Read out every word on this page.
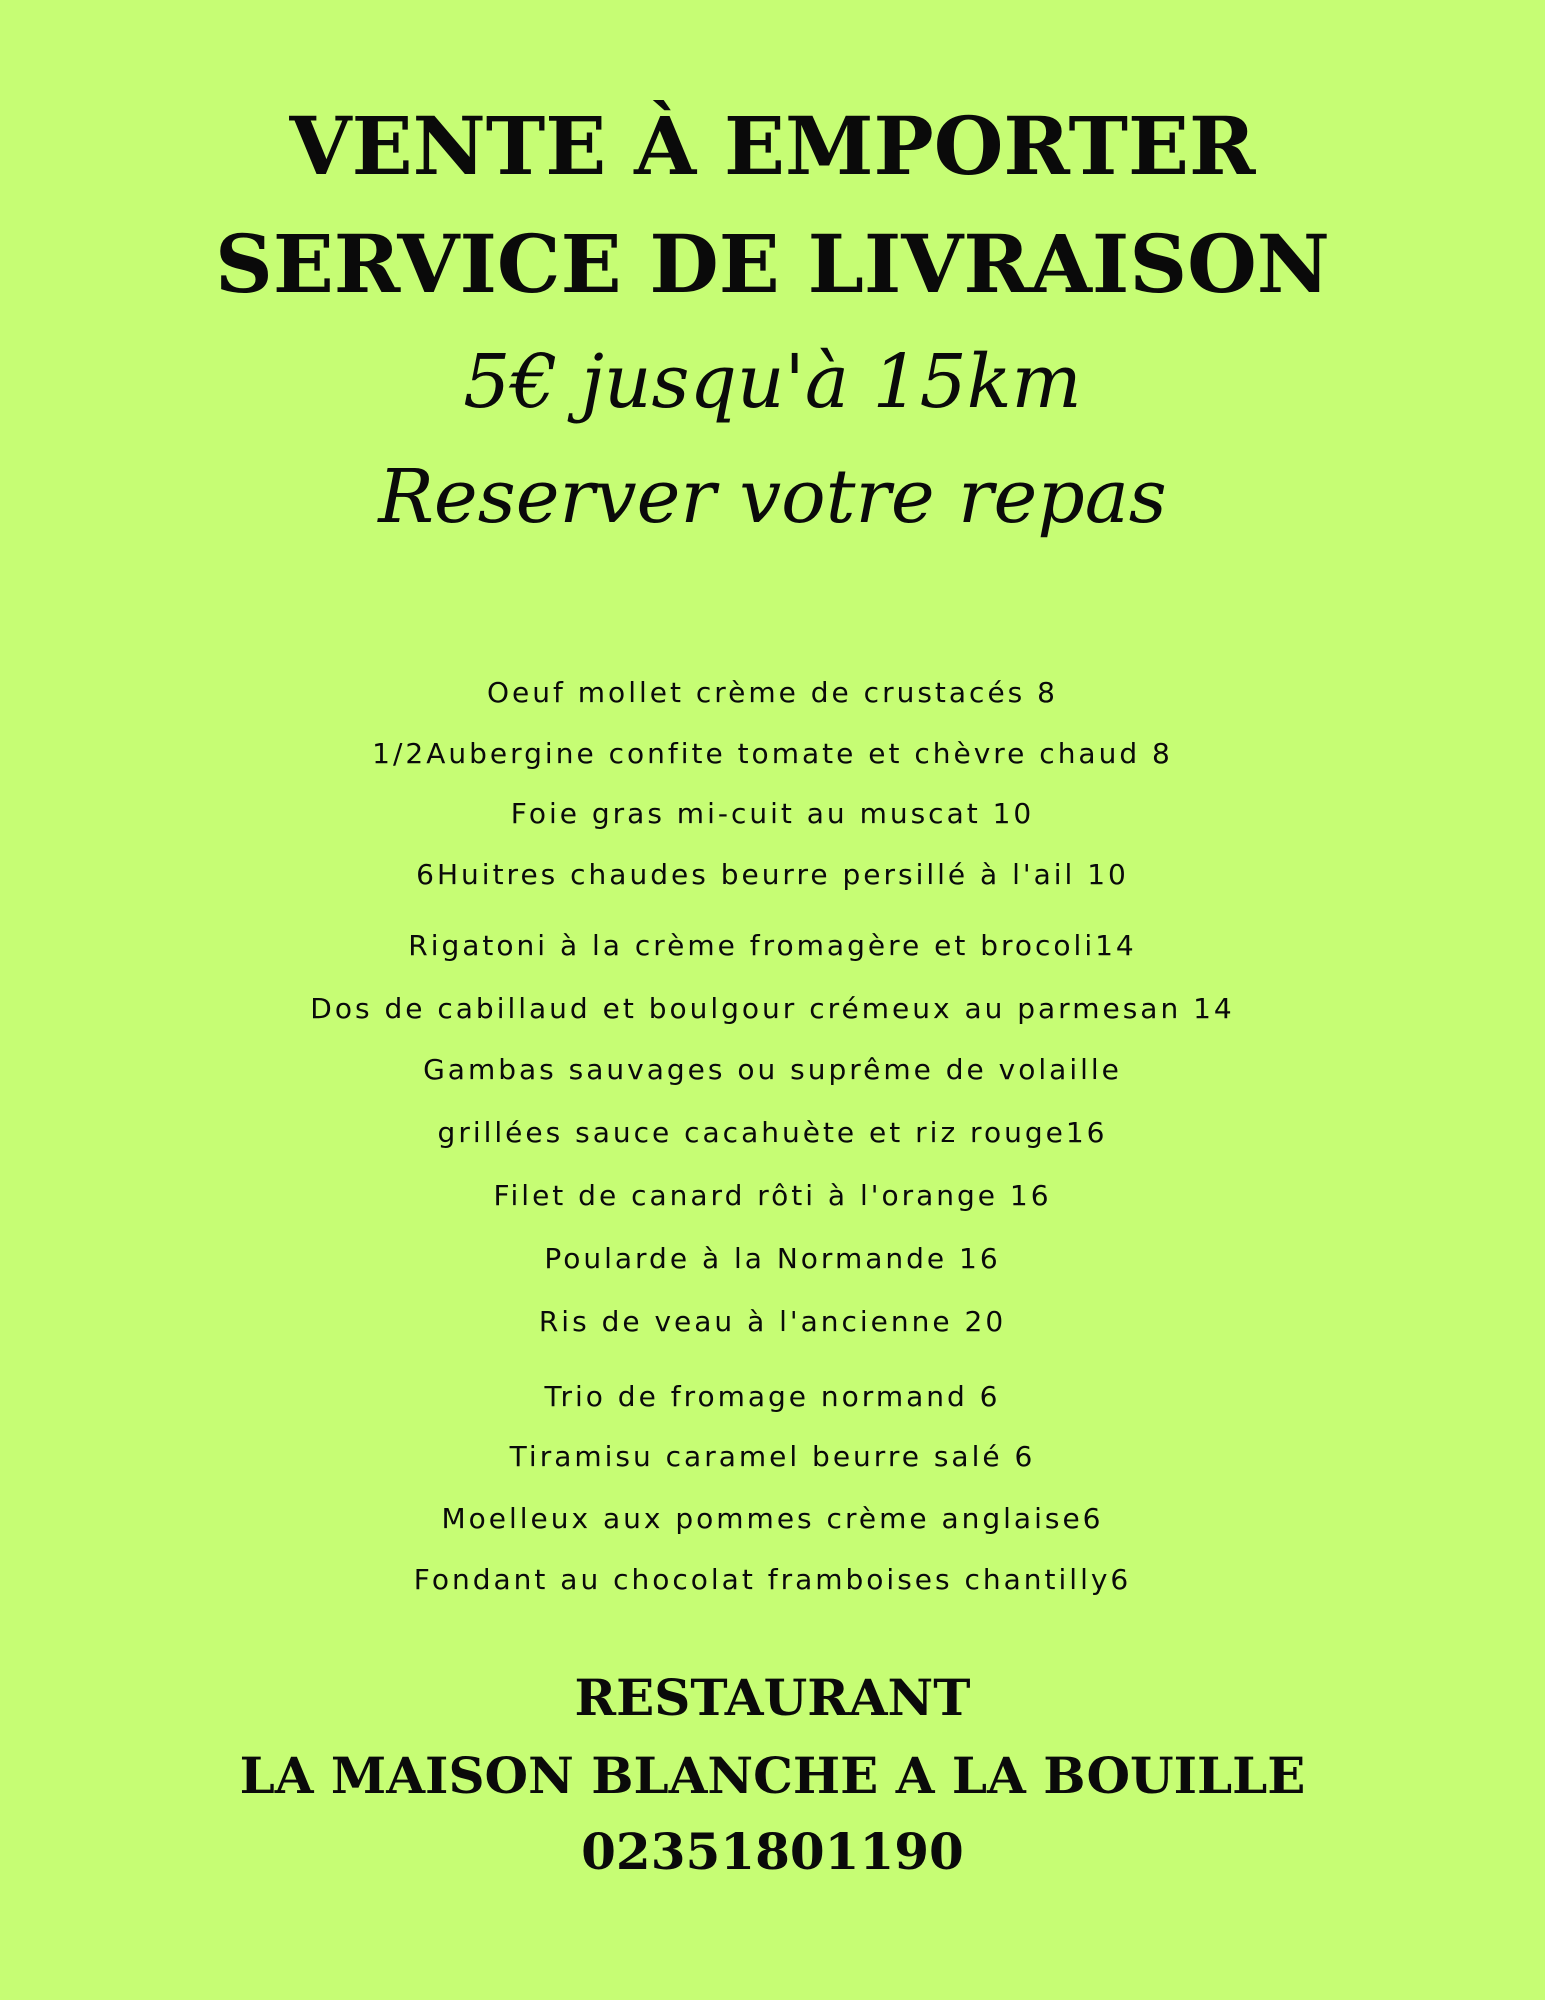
VENTE À EMPORTER
SERVICE DE LIVRAISON
5€ jusqu'à 15km
Reserver votre repas
Oeuf mollet crème de crustacés 8
1/2Aubergine confite tomate et chèvre chaud 8
Foie gras mi-cuit au muscat 10
6Huitres chaudes beurre persillé à l'ail 10
Rigatoni à la crème fromagère et brocoli14
Dos de cabillaud et boulgour crémeux au parmesan 14
Gambas sauvages ou suprême de volaille
grillées sauce cacahuète et riz rouge16
Filet de canard rôti à l'orange 16
Poularde à la Normande 16
Ris de veau à l'ancienne 20
Trio de fromage normand 6
Tiramisu caramel beurre salé 6
Moelleux aux pommes crème anglaise6
Fondant au chocolat framboises chantilly6
RESTAURANT
LA MAISON BLANCHE A LA BOUILLE
02351801190
